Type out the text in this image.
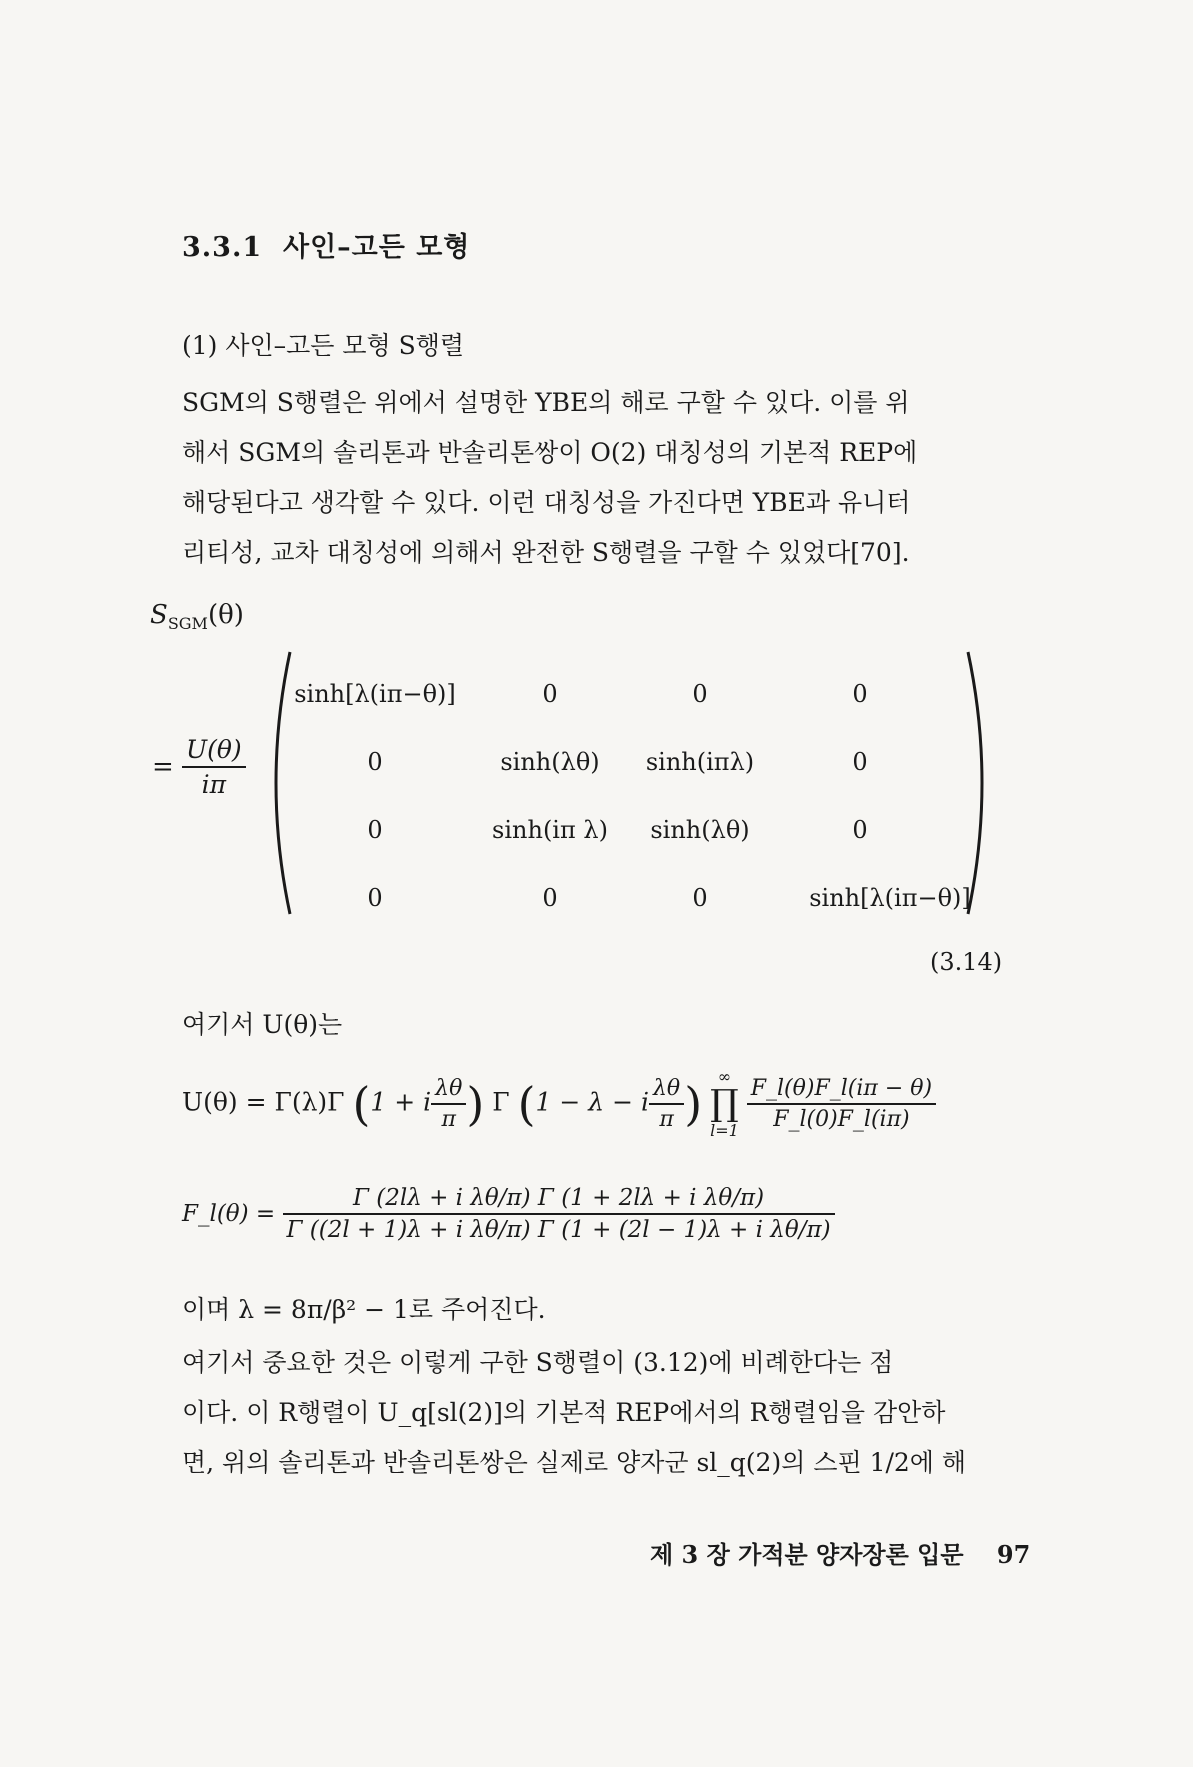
3.3.1 사인–고든 모형
(1) 사인–고든 모형 S행렬
SGM의 S행렬은 위에서 설명한 YBE의 해로 구할 수 있다. 이를 위
해서 SGM의 솔리톤과 반솔리톤쌍이 O(2) 대칭성의 기본적 REP에
해당된다고 생각할 수 있다. 이런 대칭성을 가진다면 YBE과 유니터
리티성, 교차 대칭성에 의해서 완전한 S행렬을 구할 수 있었다[70].
$S_{SGM}(\theta)$
= $\frac{U(\theta)}{i\pi}$
sinh[λ(iπ−θ)]	0	0	0
0	sinh(λθ)	sinh(iπλ)	0
0	sinh(iπ λ)	sinh(λθ)	0
0	0	0	sinh[λ(iπ−θ)]
(3.14)
여기서 U(θ)는
U(θ) = Γ(λ)Γ (1 + i $\frac{\lambda\theta}{\pi}$ ) Γ (1 − λ − i $\frac{\lambda\theta}{\pi}$ )
∞
∏
l=1
$\frac{F\_l(\theta)F\_l(i\pi - \theta)}{F\_l(0)F\_l(i\pi)}$
F_l(θ) = $\frac{\text{Γ (2lλ + i λθ/π) Γ (1 + 2lλ + i λθ/π)}}{\text{Γ ((2l + 1)λ + i λθ/π) Γ (1 + (2l − 1)λ + i λθ/π)}}$
이며 λ = 8π/β² − 1로 주어진다.
여기서 중요한 것은 이렇게 구한 S행렬이 (3.12)에 비례한다는 점
이다. 이 R행렬이 U_q[sl(2)]의 기본적 REP에서의 R행렬임을 감안하
면, 위의 솔리톤과 반솔리톤쌍은 실제로 양자군 sl_q(2)의 스핀 1/2에 해
제 3 장 가적분 양자장론 입문 97
